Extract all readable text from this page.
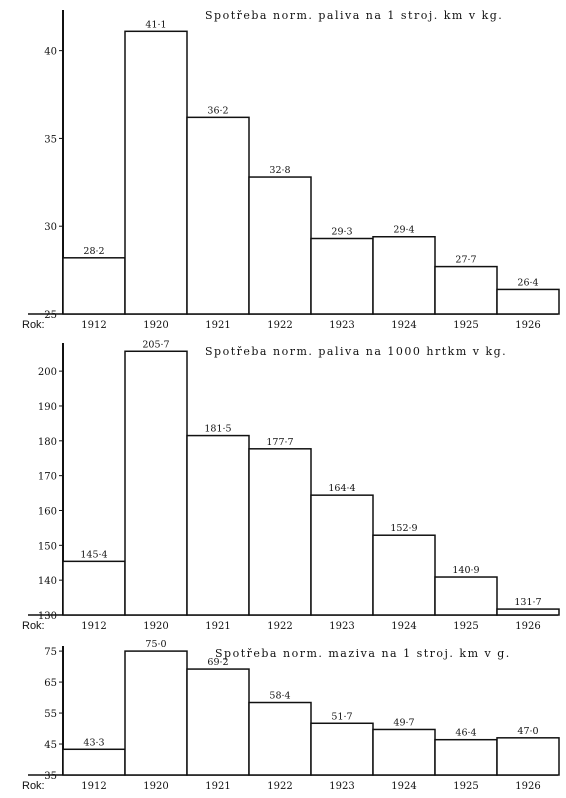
Spotřeba norm. paliva na 1 stroj. km v kg.
Rok:
25
30
35
40
28·2
1912
41·1
1920
36·2
1921
32·8
1922
29·3
1923
29·4
1924
27·7
1925
26·4
1926
Spotřeba norm. paliva na 1000 hrtkm v kg.
Rok:
130
140
150
160
170
180
190
200
145·4
1912
205·7
1920
181·5
1921
177·7
1922
164·4
1923
152·9
1924
140·9
1925
131·7
1926
Spotřeba norm. maziva na 1 stroj. km v g.
Rok:
35
45
55
65
75
43·3
1912
75·0
1920
69·2
1921
58·4
1922
51·7
1923
49·7
1924
46·4
1925
47·0
1926
